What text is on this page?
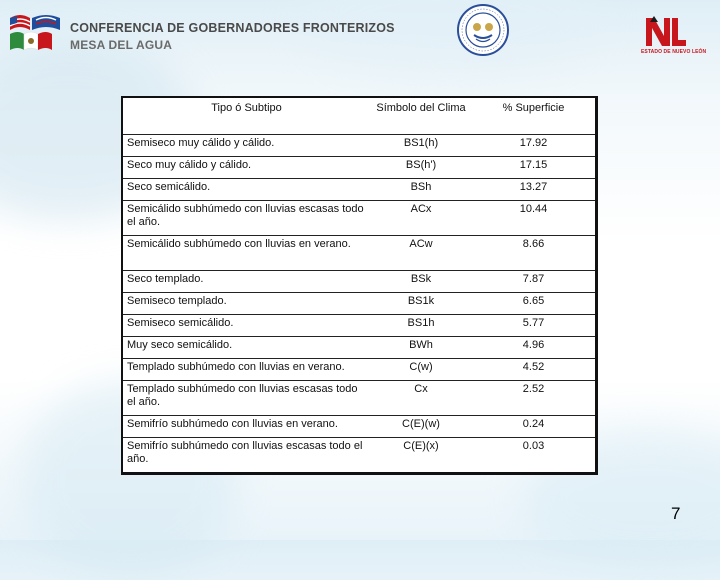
CONFERENCIA DE GOBERNADORES FRONTERIZOS
MESA DEL AGUA	ESTADO DE NUEVO LEÓN
Tipo ó Subtipo	Símbolo del Clima	% Superficie
Semiseco muy cálido y cálido.	BS1(h)	17.92
Seco muy cálido y cálido.	BS(h')	17.15
Seco semicálido.	BSh	13.27
Semicálido subhúmedo con lluvias escasas todo el año.	ACx	10.44
Semicálido subhúmedo con lluvias en verano.	ACw	8.66
Seco templado.	BSk	7.87
Semiseco templado.	BS1k	6.65
Semiseco semicálido.	BS1h	5.77
Muy seco semicálido.	BWh	4.96
Templado subhúmedo con lluvias en verano.	C(w)	4.52
Templado subhúmedo con lluvias escasas todo el año.	Cx	2.52
Semifrío subhúmedo con lluvias en verano.	C(E)(w)	0.24
Semifrío subhúmedo con lluvias escasas todo el año.	C(E)(x)	0.03
7
